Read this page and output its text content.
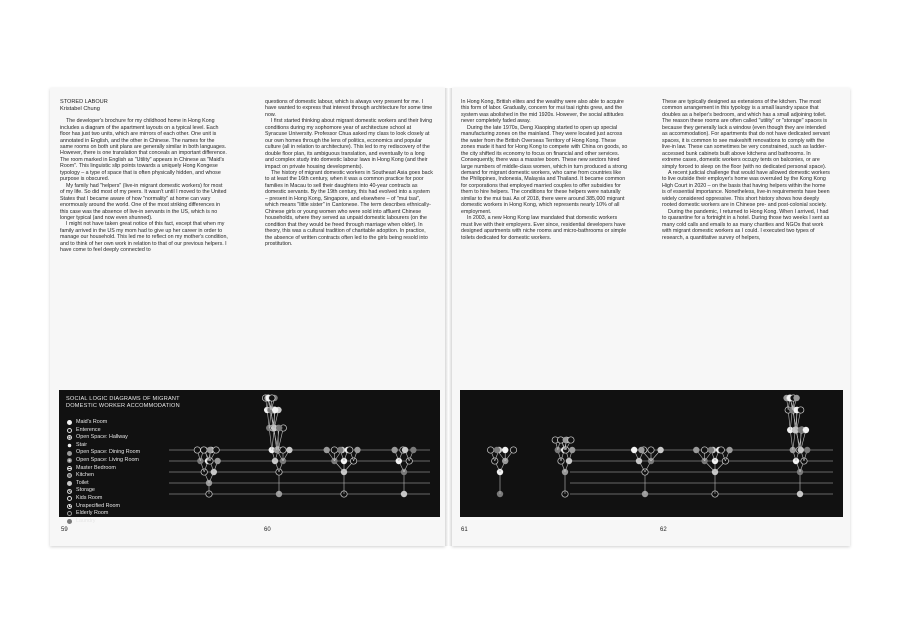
STORED LABOUR
Kristabel Chung

The developer's brochure for my childhood home in Hong Kong includes a diagram of the apartment layouts on a typical level. Each floor has just two units, which are mirrors of each other. One unit is annotated in English, and the other in Chinese. The names for the same rooms on both unit plans are generally similar in both languages. However, there is one translation that conceals an important difference. The room marked in English as "Utility" appears in Chinese as "Maid's Room". This linguistic slip points towards a uniquely Hong Kongese typology – a type of space that is often physically hidden, and whose purpose is obscured.

My family had "helpers" (live-in migrant domestic workers) for most of my life. So did most of my peers. It wasn't until I moved to the United States that I became aware of how "normality" at home can vary enormously around the world. One of the most striking differences in this case was the absence of live-in servants in the US, which is no longer typical (and now even shunned).

I might not have taken great notice of this fact, except that when my family arrived in the US my mom had to give up her career in order to manage our household. This led me to reflect on my mother's condition, and to think of her own work in relation to that of our previous helpers. I have come to feel deeply connected to

questions of domestic labour, which is always very present for me. I have wanted to express that interest through architecture for some time now.

I first started thinking about migrant domestic workers and their living conditions during my sophomore year of architecture school at Syracuse University. Professor Chua asked my class to look closely at our own homes through the lens of politics, economics and popular culture (all in relation to architecture). This led to my rediscovery of the double floor plan, its ambiguous translation, and eventually to a long and complex study into domestic labour laws in Hong Kong (and their impact on private housing developments).

The history of migrant domestic workers in Southeast Asia goes back to at least the 16th century, when it was a common practice for poor families in Macau to sell their daughters into 40-year contracts as domestic servants. By the 19th century, this had evolved into a system – present in Hong Kong, Singapore, and elsewhere – of "mui tsai", which means "little sister" in Cantonese. The term describes ethnically-Chinese girls or young women who were sold into affluent Chinese households, where they served as unpaid domestic labourers (on the condition that they would be freed through marriage when older). In theory, this was a cultural tradition of charitable adoption. In practice, the absence of written contracts often led to the girls being resold into prostitution.

In Hong Kong, British elites and the wealthy were also able to acquire this form of labor. Gradually, concern for mui tsai rights grew, and the system was abolished in the mid 1920s. However, the social attitudes never completely faded away.

During the late 1970s, Deng Xiaoping started to open up special manufacturing zones on the mainland. They were located just across the water from the British Overseas Territory of Hong Kong. These zones made it hard for Hong Kong to compete with China on goods, so the city shifted its economy to focus on financial and other services. Consequently, there was a massive boom. These new sectors hired large numbers of middle-class women, which in turn produced a strong demand for migrant domestic workers, who came from countries like the Philippines, Indonesia, Malaysia and Thailand. It became common for corporations that employed married couples to offer subsidies for them to hire helpers. The conditions for these helpers were naturally similar to the mui tsai. As of 2018, there were around 385,000 migrant domestic workers in Hong Kong, which represents nearly 10% of all employment.

In 2003, a new Hong Kong law mandated that domestic workers must live with their employers. Ever since, residential developers have designed apartments with niche rooms and micro-bathrooms or simple toilets dedicated for domestic workers.

These are typically designed as extensions of the kitchen. The most common arrangement in this typology is a small laundry space that doubles as a helper's bedroom, and which has a small adjoining toilet. The reason these rooms are often called "utility" or "storage" spaces is because they generally lack a window (even though they are intended as accommodation). For apartments that do not have dedicated servant spaces, it is common to see makeshift renovations to comply with the live-in law. These can sometimes be very constrained, such as ladder-accessed bunk cabinets built above kitchens and bathrooms. In extreme cases, domestic workers occupy tents on balconies, or are simply forced to sleep on the floor (with no dedicated personal space).

A recent judicial challenge that would have allowed domestic workers to live outside their employer's home was overruled by the Kong Kong High Court in 2020 – on the basis that having helpers within the home is of essential importance. Nonetheless, live-in requirements have been widely considered oppressive. This short history shows how deeply rooted domestic workers are in Chinese pre- and post-colonial society.

During the pandemic, I returned to Hong Kong. When I arrived, I had to quarantine for a fortnight in a hotel. During those two weeks I sent as many cold calls and emails to as many charities and NGOs that work with migrant domestic workers as I could. I executed two types of research, a quantitative survey of helpers,

SOCIAL LOGIC DIAGRAMS OF MIGRANT
DOMESTIC WORKER ACCOMMODATION
Maid's Room
Enterence
Open Space: Hallway
Stair
Open Space: Dining Room
Open Space: Living Room
Master Bedroom
Kitchen
Toilet
Storage
Kids Room
Unspecified Room
Elderly Room
Laundry
59	60	61	62
